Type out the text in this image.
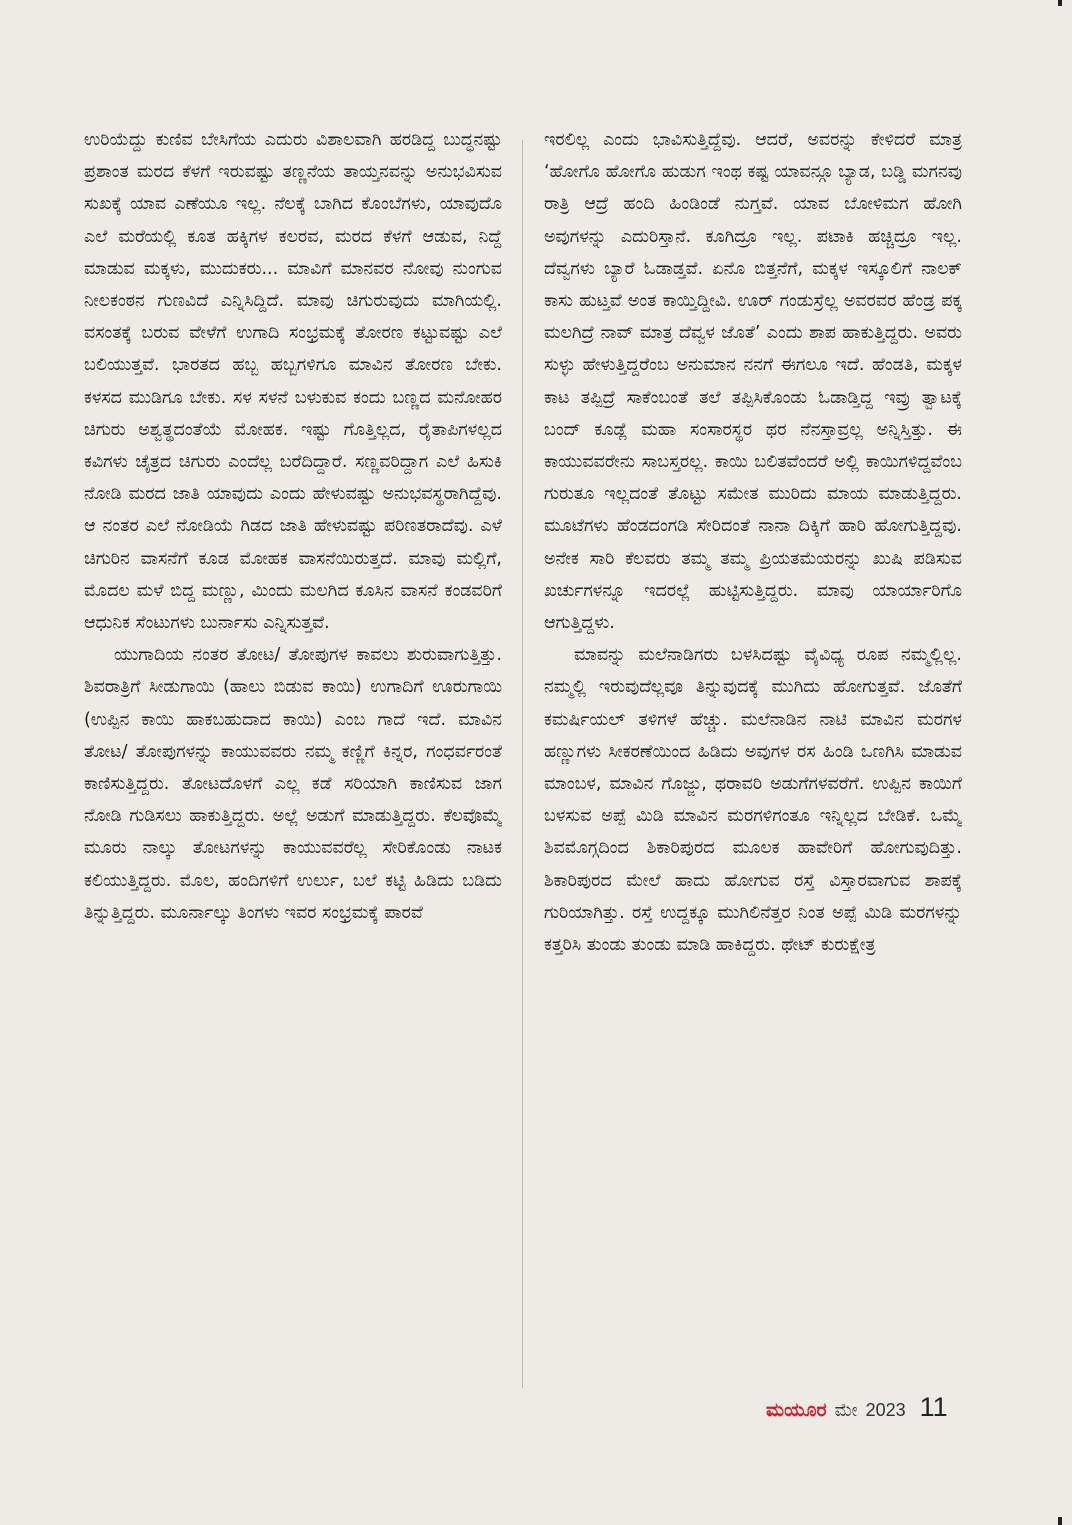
ಉರಿಯೆದ್ದು ಕುಣಿವ ಬೇಸಿಗೆಯ ಎದುರು ವಿಶಾಲವಾಗಿ ಹರಡಿದ್ದ ಬುದ್ಧನಷ್ಟು ಪ್ರಶಾಂತ ಮರದ ಕೆಳಗೆ ಇರುವಷ್ಟು ತಣ್ಣನೆಯ ತಾಯ್ತನವನ್ನು ಅನುಭವಿಸುವ ಸುಖಕ್ಕೆ ಯಾವ ಎಣೆಯೂ ಇಲ್ಲ. ನೆಲಕ್ಕೆ ಬಾಗಿದ ಕೊಂಬೆಗಳು, ಯಾವುದೊ ಎಲೆ ಮರೆಯಲ್ಲಿ ಕೂತ ಹಕ್ಕಿಗಳ ಕಲರವ, ಮರದ ಕೆಳಗೆ ಆಡುವ, ನಿದ್ದೆ ಮಾಡುವ ಮಕ್ಕಳು, ಮುದುಕರು... ಮಾವಿಗೆ ಮಾನವರ ನೋವು ನುಂಗುವ ನೀಲಕಂಠನ ಗುಣವಿದೆ ಎನ್ನಿಸಿದ್ದಿದೆ. ಮಾವು ಚಿಗುರುವುದು ಮಾಗಿಯಲ್ಲಿ. ವಸಂತಕ್ಕೆ ಬರುವ ವೇಳೆಗೆ ಉಗಾದಿ ಸಂಭ್ರಮಕ್ಕೆ ತೋರಣ ಕಟ್ಟುವಷ್ಟು ಎಲೆ ಬಲಿಯುತ್ತವೆ. ಭಾರತದ ಹಬ್ಬ ಹಬ್ಬಗಳಿಗೂ ಮಾವಿನ ತೋರಣ ಬೇಕು. ಕಳಸದ ಮುಡಿಗೂ ಬೇಕು. ಸಳ ಸಳನೆ ಬಳುಕುವ ಕಂದು ಬಣ್ಣದ ಮನೋಹರ ಚಿಗುರು ಅಶ್ವತ್ಥದಂತೆಯೆ ಮೋಹಕ. ಇಷ್ಟು ಗೊತ್ತಿಲ್ಲದ, ರೈತಾಪಿಗಳಲ್ಲದ ಕವಿಗಳು ಚೈತ್ರದ ಚಿಗುರು ಎಂದೆಲ್ಲ ಬರೆದಿದ್ದಾರೆ. ಸಣ್ಣವರಿದ್ದಾಗ ಎಲೆ ಹಿಸುಕಿ ನೋಡಿ ಮರದ ಜಾತಿ ಯಾವುದು ಎಂದು ಹೇಳುವಷ್ಟು ಅನುಭವಸ್ಥರಾಗಿದ್ದೆವು. ಆ ನಂತರ ಎಲೆ ನೋಡಿಯೆ ಗಿಡದ ಜಾತಿ ಹೇಳುವಷ್ಟು ಪರಿಣತರಾದೆವು. ಎಳೆ ಚಿಗುರಿನ ವಾಸನೆಗೆ ಕೂಡ ಮೋಹಕ ವಾಸನೆಯಿರುತ್ತದೆ. ಮಾವು ಮಲ್ಲಿಗೆ, ಮೊದಲ ಮಳೆ ಬಿದ್ದ ಮಣ್ಣು, ಮಿಂದು ಮಲಗಿದ ಕೂಸಿನ ವಾಸನೆ ಕಂಡವರಿಗೆ ಆಧುನಿಕ ಸೆಂಟುಗಳು ಬುರ್ನಾಸು ಎನ್ನಿಸುತ್ತವೆ.

ಯುಗಾದಿಯ ನಂತರ ತೋಟ/ ತೋಪುಗಳ ಕಾವಲು ಶುರುವಾಗುತ್ತಿತ್ತು. ಶಿವರಾತ್ರಿಗೆ ಸೀಡುಗಾಯಿ (ಹಾಲು ಬಿಡುವ ಕಾಯಿ) ಉಗಾದಿಗೆ ಊರುಗಾಯಿ (ಉಪ್ಪಿನ ಕಾಯಿ ಹಾಕಬಹುದಾದ ಕಾಯಿ) ಎಂಬ ಗಾದೆ ಇದೆ. ಮಾವಿನ ತೋಟ/ ತೋಪುಗಳನ್ನು ಕಾಯುವವರು ನಮ್ಮ ಕಣ್ಣಿಗೆ ಕಿನ್ನರ, ಗಂಧರ್ವರಂತೆ ಕಾಣಿಸುತ್ತಿದ್ದರು. ತೋಟದೊಳಗೆ ಎಲ್ಲ ಕಡೆ ಸರಿಯಾಗಿ ಕಾಣಿಸುವ ಜಾಗ ನೋಡಿ ಗುಡಿಸಲು ಹಾಕುತ್ತಿದ್ದರು. ಅಲ್ಲೆ ಅಡುಗೆ ಮಾಡುತ್ತಿದ್ದರು. ಕೆಲವೊಮ್ಮೆ ಮೂರು ನಾಲ್ಕು ತೋಟಗಳನ್ನು ಕಾಯುವವರೆಲ್ಲ ಸೇರಿಕೊಂಡು ನಾಟಕ ಕಲಿಯುತ್ತಿದ್ದರು. ಮೊಲ, ಹಂದಿಗಳಿಗೆ ಉರ್ಲು, ಬಲೆ ಕಟ್ಟಿ ಹಿಡಿದು ಬಡಿದು ತಿನ್ನುತ್ತಿದ್ದರು. ಮೂರ್ನಾಲ್ಕು ತಿಂಗಳು ಇವರ ಸಂಭ್ರಮಕ್ಕೆ ಪಾರವೆ

ಇರಲಿಲ್ಲ ಎಂದು ಭಾವಿಸುತ್ತಿದ್ದೆವು. ಆದರೆ, ಅವರನ್ನು ಕೇಳಿದರೆ ಮಾತ್ರ ‘ಹೋಗೊ ಹೋಗೊ ಹುಡುಗ ಇಂಥ ಕಷ್ಟ ಯಾವನ್ಗೂ ಬ್ಯಾಡ, ಬಡ್ಡಿ ಮಗನವು ರಾತ್ರಿ ಆದ್ರೆ ಹಂದಿ ಹಿಂಡಿಂಡೆ ನುಗ್ತವೆ. ಯಾವ ಬೋಳಿಮಗ ಹೋಗಿ ಅವುಗಳನ್ನು ಎದುರಿಸ್ತಾನೆ. ಕೂಗಿದ್ರೂ ಇಲ್ಲ. ಪಟಾಕಿ ಹಚ್ಚಿದ್ರೂ ಇಲ್ಲ. ದೆವ್ವಗಳು ಬ್ಯಾರೆ ಓಡಾಡ್ತವೆ. ಏನೊ ಬಿತ್ತನೆಗೆ, ಮಕ್ಕಳ ಇಸ್ಕೂಲಿಗೆ ನಾಲಕ್ ಕಾಸು ಹುಟ್ತವೆ ಅಂತ ಕಾಯ್ತಿದ್ದೀವಿ. ಊರ್ ಗಂಡುಸ್ರೆಲ್ಲ ಅವರವರ ಹೆಂಡ್ರ ಪಕ್ಕ ಮಲಗಿದ್ರೆ ನಾವ್ ಮಾತ್ರ ದೆವ್ವಳ ಜೊತೆ’ ಎಂದು ಶಾಪ ಹಾಕುತ್ತಿದ್ದರು. ಅವರು ಸುಳ್ಳು ಹೇಳುತ್ತಿದ್ದರೆಂಬ ಅನುಮಾನ ನನಗೆ ಈಗಲೂ ಇದೆ. ಹೆಂಡತಿ, ಮಕ್ಕಳ ಕಾಟ ತಪ್ಪಿದ್ರೆ ಸಾಕೆಂಬಂತೆ ತಲೆ ತಪ್ಪಿಸಿಕೊಂಡು ಓಡಾಡ್ತಿದ್ದ ಇವ್ರು ತ್ವಾಟಕ್ಕೆ ಬಂದ್ ಕೂಡ್ಲೆ ಮಹಾ ಸಂಸಾರಸ್ಥರ ಥರ ನೆನಸ್ತಾವ್ರಲ್ಲ ಅನ್ನಿಸ್ತಿತ್ತು. ಈ ಕಾಯುವವರೇನು ಸಾಬಸ್ತರಲ್ಲ. ಕಾಯಿ ಬಲಿತವೆಂದರೆ ಅಲ್ಲಿ ಕಾಯಿಗಳಿದ್ದವೆಂಬ ಗುರುತೂ ಇಲ್ಲದಂತೆ ತೊಟ್ಟು ಸಮೇತ ಮುರಿದು ಮಾಯ ಮಾಡುತ್ತಿದ್ದರು. ಮೂಟೆಗಳು ಹೆಂಡದಂಗಡಿ ಸೇರಿದಂತೆ ನಾನಾ ದಿಕ್ಕಿಗೆ ಹಾರಿ ಹೋಗುತ್ತಿದ್ದವು. ಅನೇಕ ಸಾರಿ ಕೆಲವರು ತಮ್ಮ ತಮ್ಮ ಪ್ರಿಯತಮೆಯರನ್ನು ಖುಷಿ ಪಡಿಸುವ ಖರ್ಚುಗಳನ್ನೂ ಇದರಲ್ಲೆ ಹುಟ್ಟಿಸುತ್ತಿದ್ದರು. ಮಾವು ಯಾರ್ಯಾರಿಗೊ ಆಗುತ್ತಿದ್ದಳು.

ಮಾವನ್ನು ಮಲೆನಾಡಿಗರು ಬಳಸಿದಷ್ಟು ವೈವಿಧ್ಯ ರೂಪ ನಮ್ಮಲ್ಲಿಲ್ಲ. ನಮ್ಮಲ್ಲಿ ಇರುವುದೆಲ್ಲವೂ ತಿನ್ನುವುದಕ್ಕೆ ಮುಗಿದು ಹೋಗುತ್ತವೆ. ಜೊತೆಗೆ ಕಮರ್ಷಿಯಲ್ ತಳಿಗಳೆ ಹೆಚ್ಚು. ಮಲೆನಾಡಿನ ನಾಟಿ ಮಾವಿನ ಮರಗಳ ಹಣ್ಣುಗಳು ಸೀಕರಣೆಯಿಂದ ಹಿಡಿದು ಅವುಗಳ ರಸ ಹಿಂಡಿ ಒಣಗಿಸಿ ಮಾಡುವ ಮಾಂಬಳ, ಮಾವಿನ ಗೊಜ್ಜು, ಥರಾವರಿ ಅಡುಗೆಗಳವರೆಗೆ. ಉಪ್ಪಿನ ಕಾಯಿಗೆ ಬಳಸುವ ಅಪ್ಪೆ ಮಿಡಿ ಮಾವಿನ ಮರಗಳಿಗಂತೂ ಇನ್ನಿಲ್ಲದ ಬೇಡಿಕೆ. ಒಮ್ಮೆ ಶಿವಮೊಗ್ಗದಿಂದ ಶಿಕಾರಿಪುರದ ಮೂಲಕ ಹಾವೇರಿಗೆ ಹೋಗುವುದಿತ್ತು. ಶಿಕಾರಿಪುರದ ಮೇಲೆ ಹಾದು ಹೋಗುವ ರಸ್ತೆ ವಿಸ್ತಾರವಾಗುವ ಶಾಪಕ್ಕೆ ಗುರಿಯಾಗಿತ್ತು. ರಸ್ತೆ ಉದ್ದಕ್ಕೂ ಮುಗಿಲಿನೆತ್ತರ ನಿಂತ ಅಪ್ಪೆ ಮಿಡಿ ಮರಗಳನ್ನು ಕತ್ತರಿಸಿ ತುಂಡು ತುಂಡು ಮಾಡಿ ಹಾಕಿದ್ದರು. ಥೇಟ್ ಕುರುಕ್ಷೇತ್ರ

ಮಯೂರ ಮೇ 2023 11
